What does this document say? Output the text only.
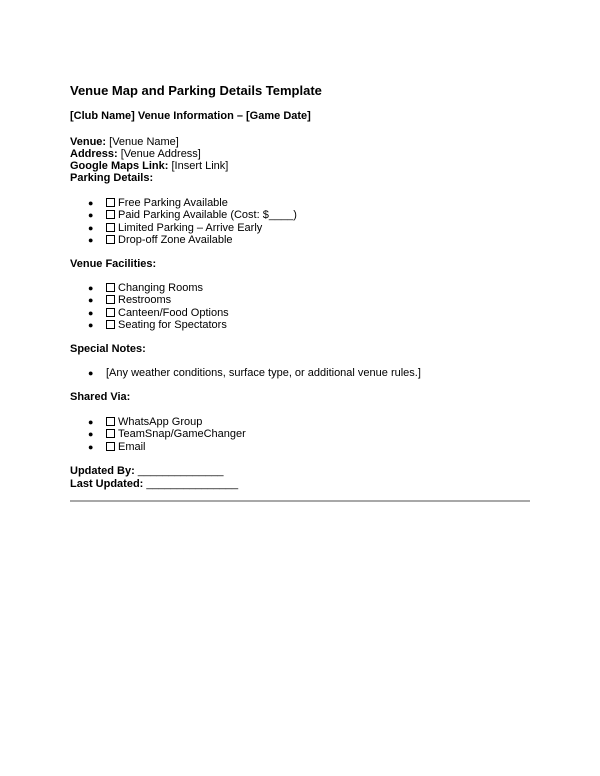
Venue Map and Parking Details Template
[Club Name] Venue Information – [Game Date]
Venue: [Venue Name]
Address: [Venue Address]
Google Maps Link: [Insert Link]
Parking Details:
●	Free Parking Available
●	Paid Parking Available (Cost: $____)
●	Limited Parking – Arrive Early
●	Drop-off Zone Available
Venue Facilities:
●	Changing Rooms
●	Restrooms
●	Canteen/Food Options
●	Seating for Spectators
Special Notes:
● [Any weather conditions, surface type, or additional venue rules.]
Shared Via:
●	WhatsApp Group
●	TeamSnap/GameChanger
●	Email
Updated By: ______________
Last Updated: _______________
